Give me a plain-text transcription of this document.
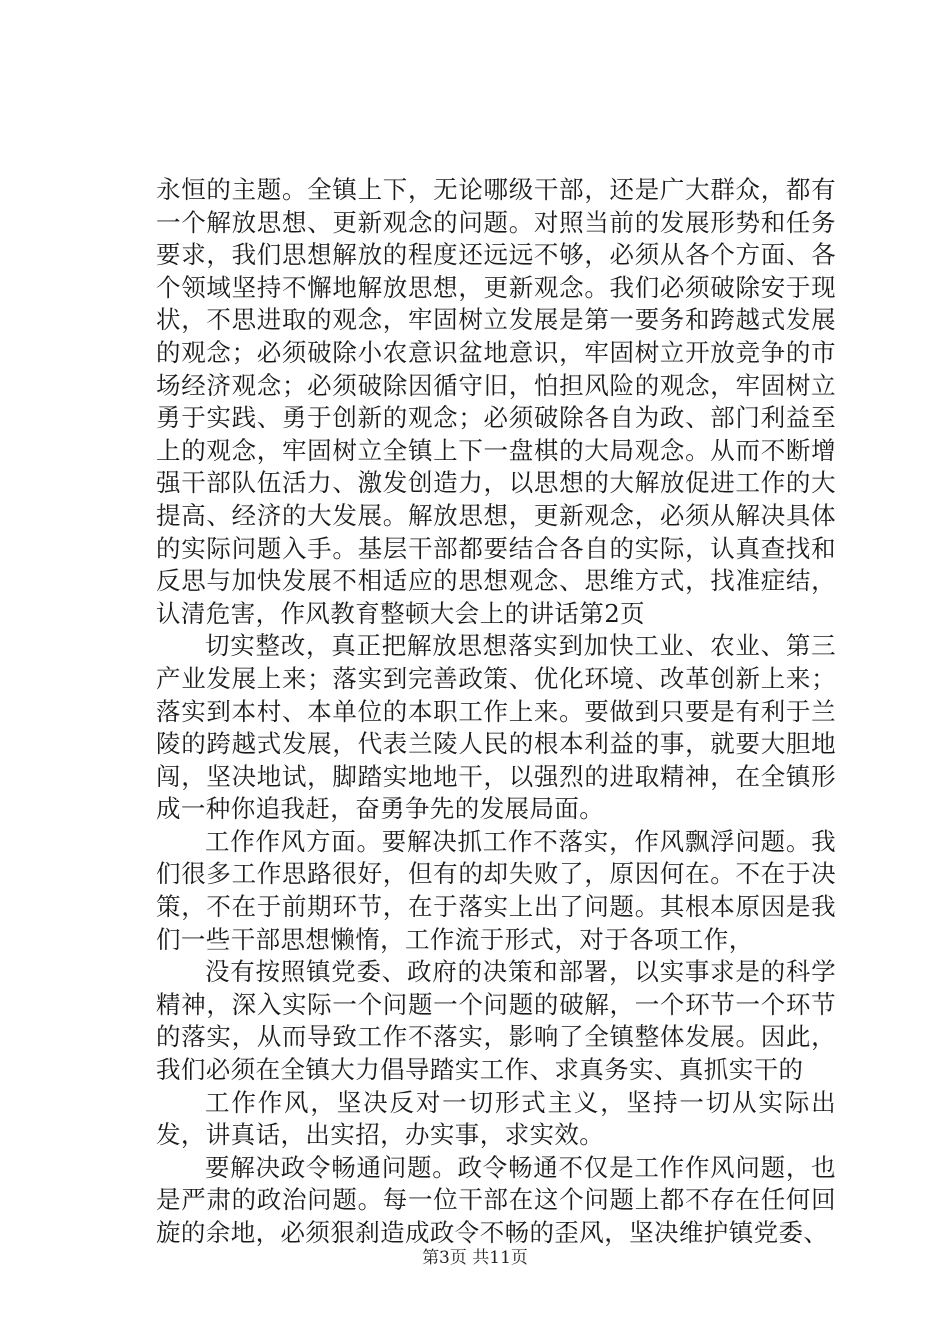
永恒的主题。全镇上下，无论哪级干部，还是广大群众，都有一个解放思想、更新观念的问题。对照当前的发展形势和任务要求，我们思想解放的程度还远远不够，必须从各个方面、各个领域坚持不懈地解放思想，更新观念。我们必须破除安于现状，不思进取的观念，牢固树立发展是第一要务和跨越式发展的观念；必须破除小农意识盆地意识，牢固树立开放竞争的市场经济观念；必须破除因循守旧，怕担风险的观念，牢固树立勇于实践、勇于创新的观念；必须破除各自为政、部门利益至上的观念，牢固树立全镇上下一盘棋的大局观念。从而不断增强干部队伍活力、激发创造力，以思想的大解放促进工作的大提高、经济的大发展。解放思想，更新观念，必须从解决具体的实际问题入手。基层干部都要结合各自的实际，认真查找和反思与加快发展不相适应的思想观念、思维方式，找准症结，认清危害，作风教育整顿大会上的讲话第2页

切实整改，真正把解放思想落实到加快工业、农业、第三产业发展上来；落实到完善政策、优化环境、改革创新上来；落实到本村、本单位的本职工作上来。要做到只要是有利于兰陵的跨越式发展，代表兰陵人民的根本利益的事，就要大胆地闯，坚决地试，脚踏实地地干，以强烈的进取精神，在全镇形成一种你追我赶，奋勇争先的发展局面。

工作作风方面。要解决抓工作不落实，作风飘浮问题。我们很多工作思路很好，但有的却失败了，原因何在。不在于决策，不在于前期环节，在于落实上出了问题。其根本原因是我们一些干部思想懒惰，工作流于形式，对于各项工作，

没有按照镇党委、政府的决策和部署，以实事求是的科学精神，深入实际一个问题一个问题的破解，一个环节一个环节的落实，从而导致工作不落实，影响了全镇整体发展。因此，我们必须在全镇大力倡导踏实工作、求真务实、真抓实干的

工作作风，坚决反对一切形式主义，坚持一切从实际出发，讲真话，出实招，办实事，求实效。

要解决政令畅通问题。政令畅通不仅是工作作风问题，也是严肃的政治问题。每一位干部在这个问题上都不存在任何回旋的余地，必须狠刹造成政令不畅的歪风，坚决维护镇党委、

第3页 共11页
